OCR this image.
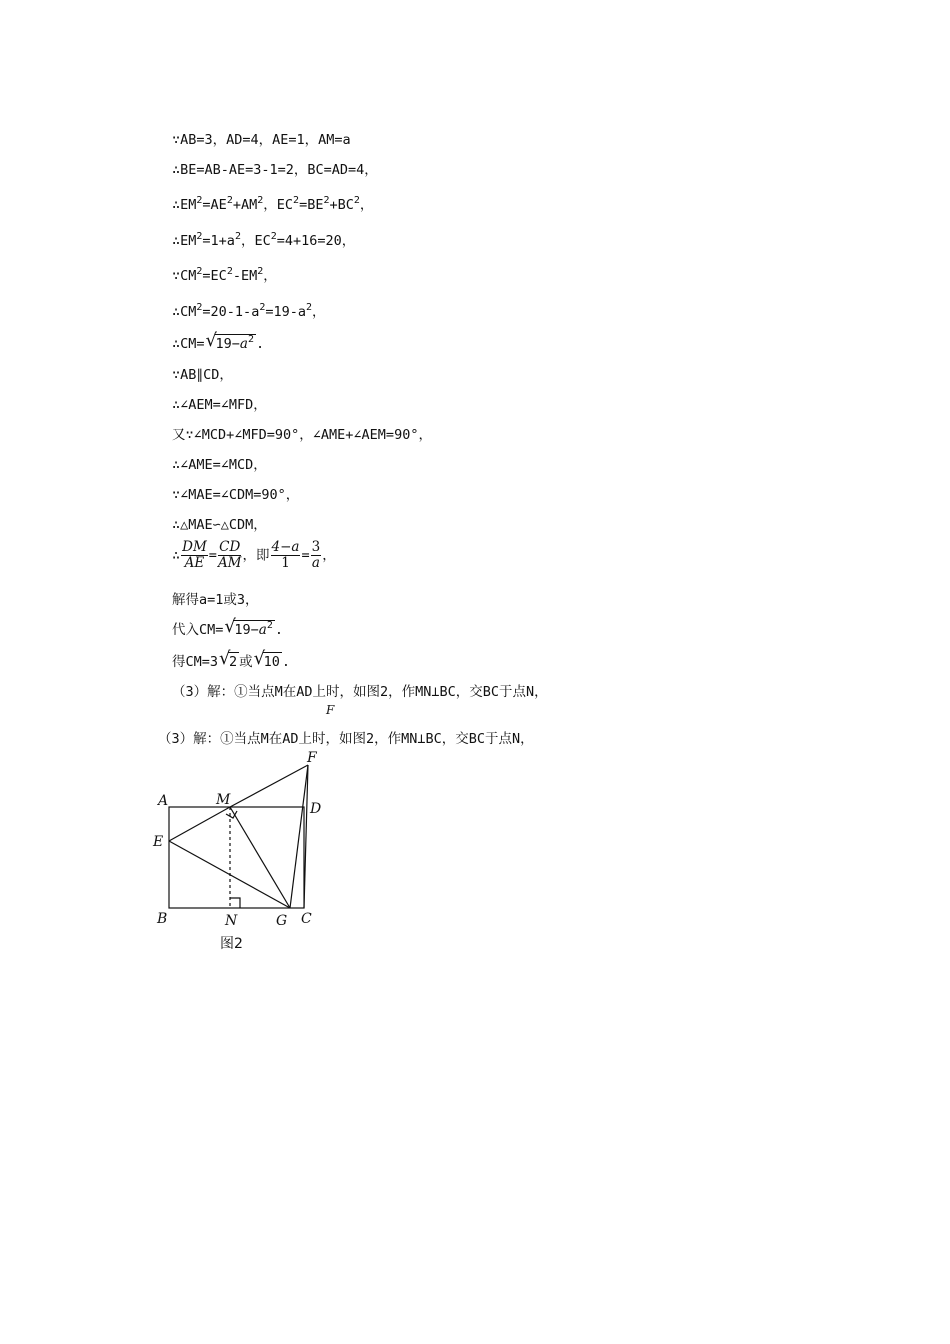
∵AB=3，AD=4，AE=1，AM=a
∴BE=AB-AE=3-1=2，BC=AD=4，
$\therefore EM^2=AE^2+AM^2$，$EC^2=BE^2+BC^2$，
$\therefore EM^2=1+a^2$，$EC^2=4+16=20$，
$\because CM^2=EC^2-EM^2$，
$\therefore CM^2=20-1-a^2=19-a^2$，
∴CM= √
$19-a^2$ .
∵AB∥CD，
∴∠AEM=∠MFD，
又∵∠MCD+∠MFD=90°，∠AME+∠AEM=90°，
∴∠AME=∠MCD，
∵∠MAE=∠CDM=90°，
∴△MAE∽△CDM，
∴ $\frac{DM}{AE} = \frac{CD}{AM}$ ，即 $\frac{4-a}{1} = \frac{3}{a}$ ，
解得a=1或3，
代入CM= √
$19-a^2$ .
得CM=3 √
2 或 √
10 .
（3）解：①当点M在AD上时，如图2，作MN⊥BC，交BC于点N，
F
（3）解：①当点M在AD上时，如图2，作MN⊥BC，交BC于点N，
A	M
D
F
E
B	N	G C
图2
